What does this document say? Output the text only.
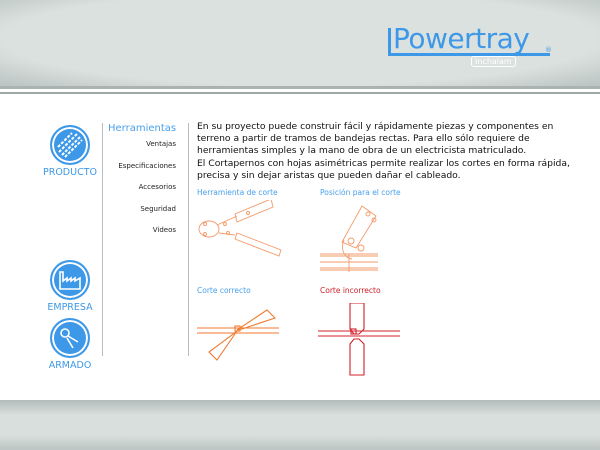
Powertray ®
Inchalam
PRODUCTO
EMPRESA
ARMADO
Herramientas
Ventajas
Especificaciones
Accesorios
Seguridad
Videos

En su proyecto puede construir fácil y rápidamente piezas y componentes en terreno a partir de tramos de bandejas rectas. Para ello sólo requiere de herramientas simples y la mano de obra de un electricista matriculado.

El Cortapernos con hojas asimétricas permite realizar los cortes en forma rápida, precisa y sin dejar aristas que pueden dañar el cableado.

Herramienta de corte	Posición para el corte
Corte correcto	Corte incorrecto
